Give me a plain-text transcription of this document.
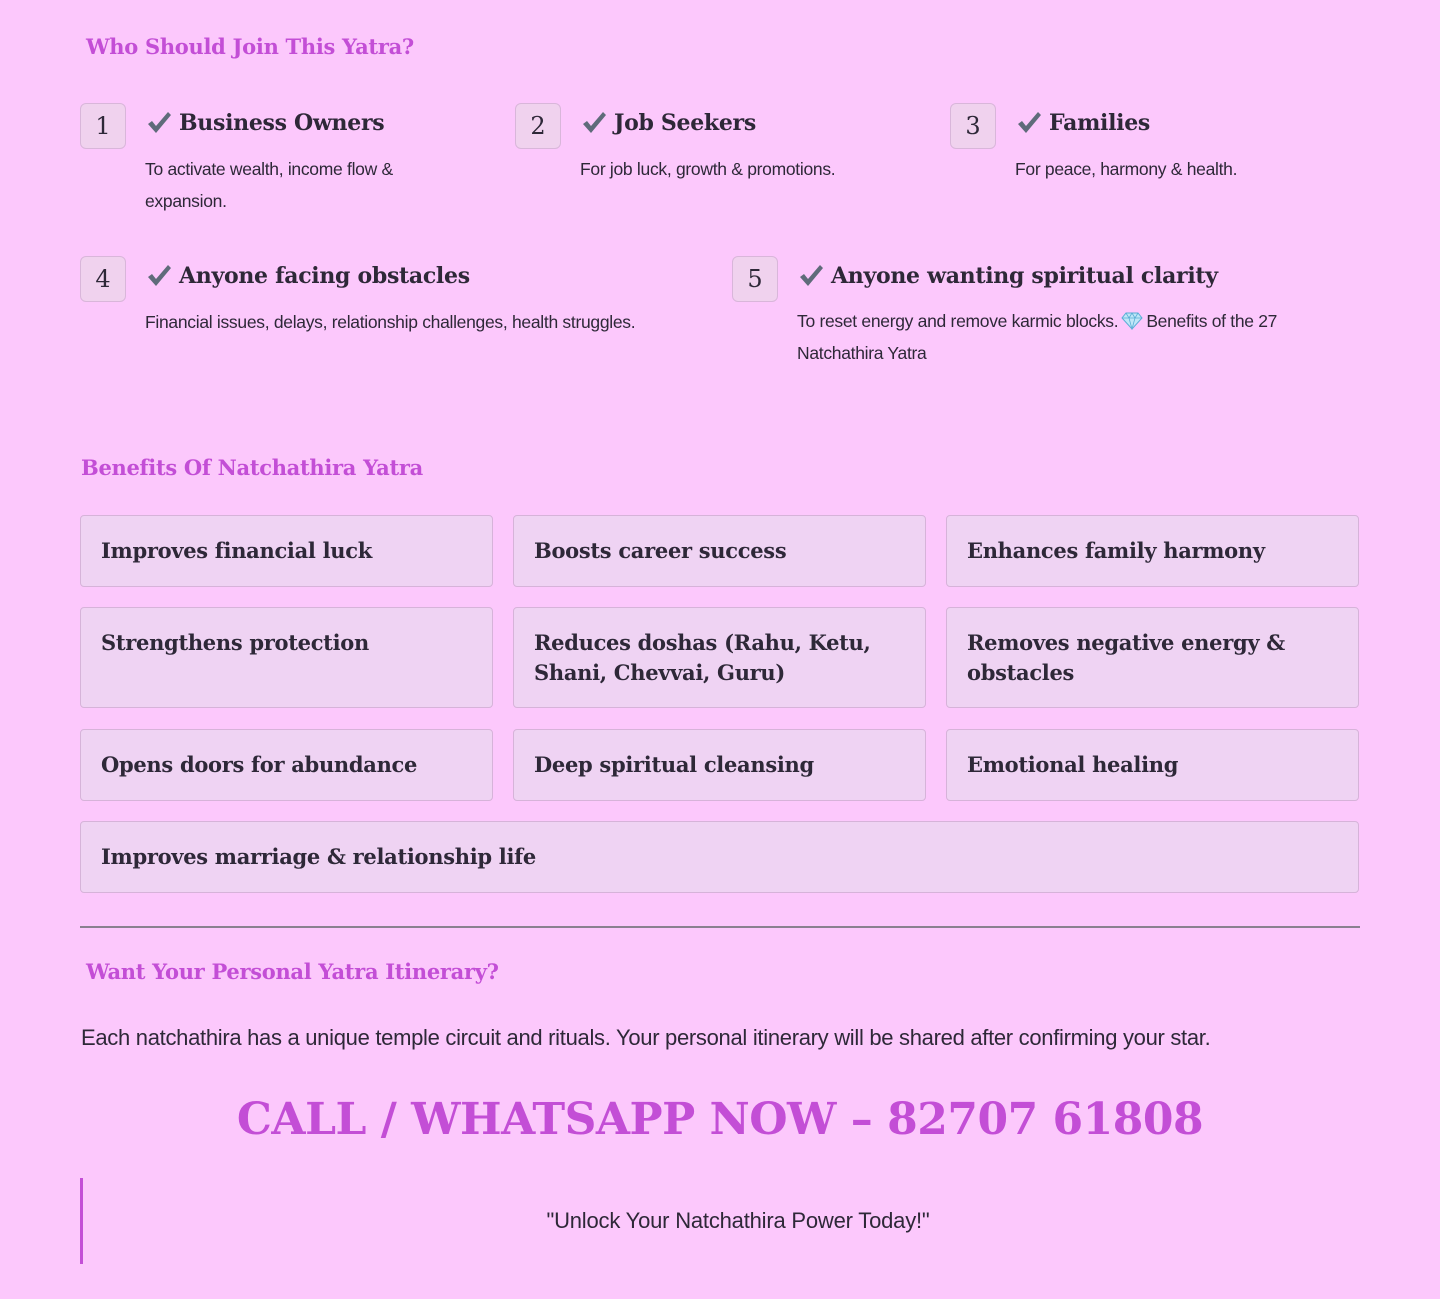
Who Should Join This Yatra?
1	Business Owners
To activate wealth, income flow & expansion.
2	Job Seekers
For job luck, growth & promotions.
3	Families
For peace, harmony & health.
4	Anyone facing obstacles
Financial issues, delays, relationship challenges, health struggles.
5	Anyone wanting spiritual clarity
To reset energy and remove karmic blocks. Benefits of the 27 Natchathira Yatra
Benefits Of Natchathira Yatra
Improves financial luck	Boosts career success	Enhances family harmony
Strengthens protection	Reduces doshas (Rahu, Ketu, Shani, Chevvai, Guru)
Removes negative energy & obstacles
Opens doors for abundance	Deep spiritual cleansing	Emotional healing
Improves marriage & relationship life
Want Your Personal Yatra Itinerary?
Each natchathira has a unique temple circuit and rituals. Your personal itinerary will be shared after confirming your star.
CALL / WHATSAPP NOW – 82707 61808
"Unlock Your Natchathira Power Today!"
